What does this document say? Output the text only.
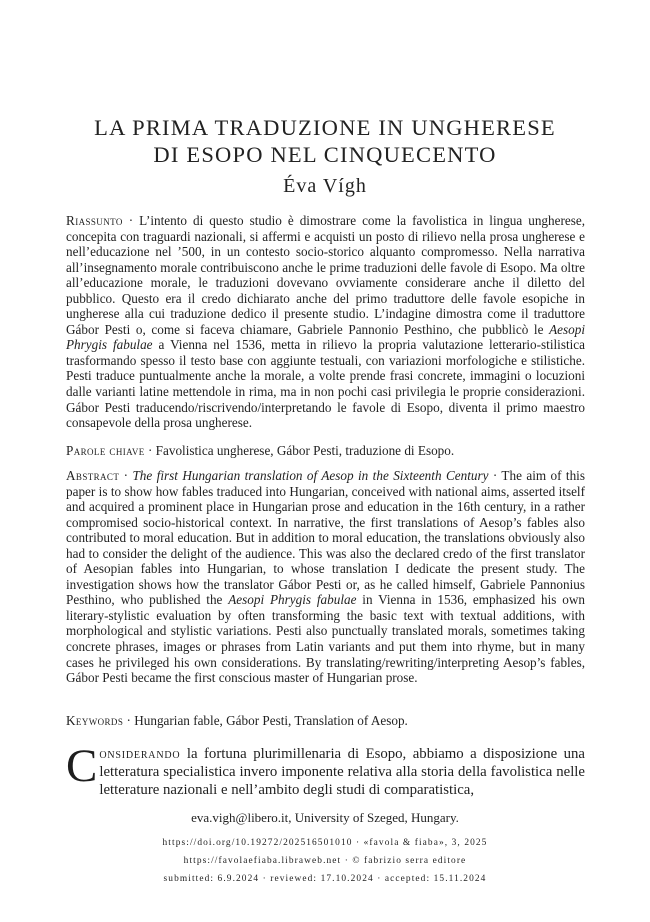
LA PRIMA TRADUZIONE IN UNGHERESE
DI ESOPO NEL CINQUECENTO
Éva Vígh
Riassunto · L’intento di questo studio è dimostrare come la favolistica in lingua ungherese, concepita con traguardi nazionali, si affermi e acquisti un posto di rilievo nella prosa ungherese e nell’educazione nel ’500, in un contesto socio-storico alquanto compromesso. Nella narrativa all’insegnamento morale contribuiscono anche le prime traduzioni delle favole di Esopo. Ma oltre all’educazione morale, le traduzioni dovevano ovviamente considerare anche il diletto del pubblico. Questo era il credo dichiarato anche del primo traduttore delle favole esopiche in ungherese alla cui traduzione dedico il presente studio. L’indagine dimostra come il traduttore Gábor Pesti o, come si faceva chiamare, Gabriele Pannonio Pesthino, che pubblicò le Aesopi Phrygis fabulae a Vienna nel 1536, metta in rilievo la propria valutazione letterario-stilistica trasformando spesso il testo base con aggiunte testuali, con variazioni morfologiche e stilistiche. Pesti traduce puntualmente anche la morale, a volte prende frasi concrete, immagini o locuzioni dalle varianti latine mettendole in rima, ma in non pochi casi privilegia le proprie considerazioni. Gábor Pesti traducendo/riscrivendo/interpretando le favole di Esopo, diventa il primo maestro consapevole della prosa ungherese.
Parole chiave · Favolistica ungherese, Gábor Pesti, traduzione di Esopo.
Abstract · The first Hungarian translation of Aesop in the Sixteenth Century · The aim of this paper is to show how fables traduced into Hungarian, conceived with national aims, asserted itself and acquired a prominent place in Hungarian prose and education in the 16th century, in a rather compromised socio-historical context. In narrative, the first translations of Aesop’s fables also contributed to moral education. But in addition to moral education, the translations obviously also had to consider the delight of the audience. This was also the declared credo of the first translator of Aesopian fables into Hungarian, to whose translation I dedicate the present study. The investigation shows how the translator Gábor Pesti or, as he called himself, Gabriele Pannonius Pesthino, who published the Aesopi Phrygis fabulae in Vienna in 1536, emphasized his own literary-stylistic evaluation by often transforming the basic text with textual additions, with morphological and stylistic variations. Pesti also punctually translated morals, sometimes taking concrete phrases, images or phrases from Latin variants and put them into rhyme, but in many cases he privileged his own considerations. By translating/rewriting/interpreting Aesop’s fables, Gábor Pesti became the first conscious master of Hungarian prose.
Keywords · Hungarian fable, Gábor Pesti, Translation of Aesop.
Considerando la fortuna plurimillenaria di Esopo, abbiamo a disposizione una letteratura specialistica invero imponente relativa alla storia della favolistica nelle letterature nazionali e nell’ambito degli studi di comparatistica,
eva.vigh@libero.it, University of Szeged, Hungary.
https://doi.org/10.19272/202516501010 · «favola & fiaba», 3, 2025
https://favolaefiaba.libraweb.net · © fabrizio serra editore
submitted: 6.9.2024 · reviewed: 17.10.2024 · accepted: 15.11.2024
